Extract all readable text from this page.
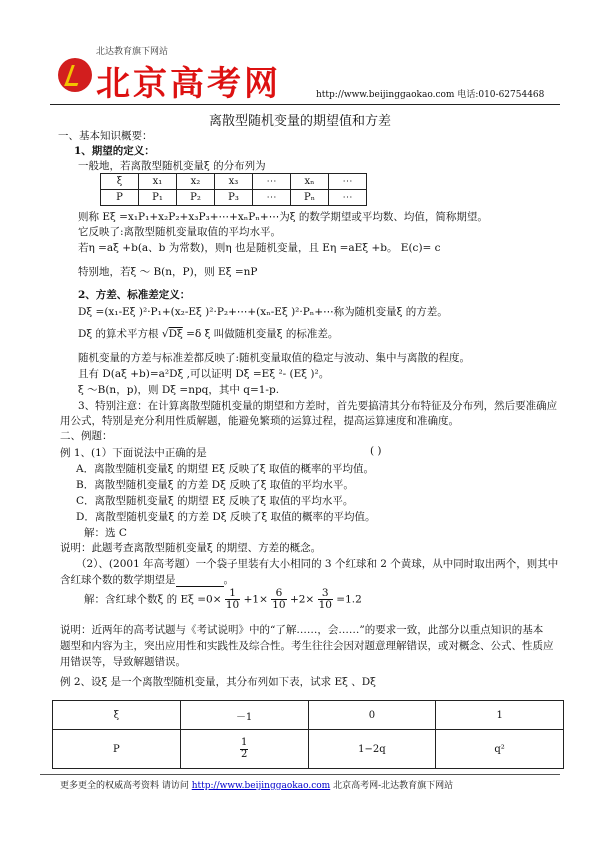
北达教育旗下网站
北京高考网	http://www.beijinggaokao.com 电话:010-62754468
离散型随机变量的期望值和方差
一、基本知识概要：
1、期望的定义：
一般地，若离散型随机变量ξ 的分布列为
ξ	x₁	x₂	x₃	⋯	xₙ	⋯
P	P₁	P₂	P₃	⋯	Pₙ	⋯
则称 Eξ =x₁P₁+x₂P₂+x₃P₃+⋯+xₙPₙ+⋯为ξ 的数学期望或平均数、均值，简称期望。
它反映了:离散型随机变量取值的平均水平。
若η =aξ +b(a、b 为常数)，则η 也是随机变量，且 Eη =aEξ +b。 E(c)= c
特别地，若ξ ～ B(n，P)，则 Eξ =nP
2、方差、标准差定义：
Dξ =(x₁-Eξ )²·P₁+(x₂-Eξ )²·P₂+⋯+(xₙ-Eξ )²·Pₙ+⋯称为随机变量ξ 的方差。
Dξ 的算术平方根 √Dξ =δ ξ 叫做随机变量ξ 的标准差。
随机变量的方差与标准差都反映了:随机变量取值的稳定与波动、集中与离散的程度。
且有 D(aξ +b)=a²Dξ ,可以证明 Dξ =Eξ ²- (Eξ )²。
ξ ～B(n，p)，则 Dξ =npq，其中 q=1-p.
3、特别注意：在计算离散型随机变量的期望和方差时，首先要搞清其分布特征及分布列，然后要准确应
用公式，特别是充分利用性质解题，能避免繁琐的运算过程，提高运算速度和准确度。
二、例题：
例 1、(1）下面说法中正确的是	( )
A．离散型随机变量ξ 的期望 Eξ 反映了ξ 取值的概率的平均值。
B．离散型随机变量ξ 的方差 Dξ 反映了ξ 取值的平均水平。
C．离散型随机变量ξ 的期望 Eξ 反映了ξ 取值的平均水平。
D．离散型随机变量ξ 的方差 Dξ 反映了ξ 取值的概率的平均值。
解：选 C
说明：此题考查离散型随机变量ξ 的期望、方差的概念。
（2）、(2001 年高考题）一个袋子里装有大小相同的 3 个红球和 2 个黄球，从中同时取出两个，则其中
含红球个数的数学期望是	。
解：含红球个数ξ 的 $E\xi =0\times \frac{1}{10} +1\times \frac{6}{10} +2\times \frac{3}{10} =1.2$
说明：近两年的高考试题与《考试说明》中的“了解……，会……”的要求一致，此部分以重点知识的基本
题型和内容为主，突出应用性和实践性及综合性。考生往往会因对题意理解错误，或对概念、公式、性质应
用错误等，导致解题错误。
例 2、设ξ 是一个离散型随机变量，其分布列如下表，试求 Eξ 、Dξ
ξ	－1	0	1
P	$\frac{1}{2}$	1−2q	q²
更多更全的权威高考资料 请访问 http://www.beijinggaokao.com 北京高考网-北达教育旗下网站
